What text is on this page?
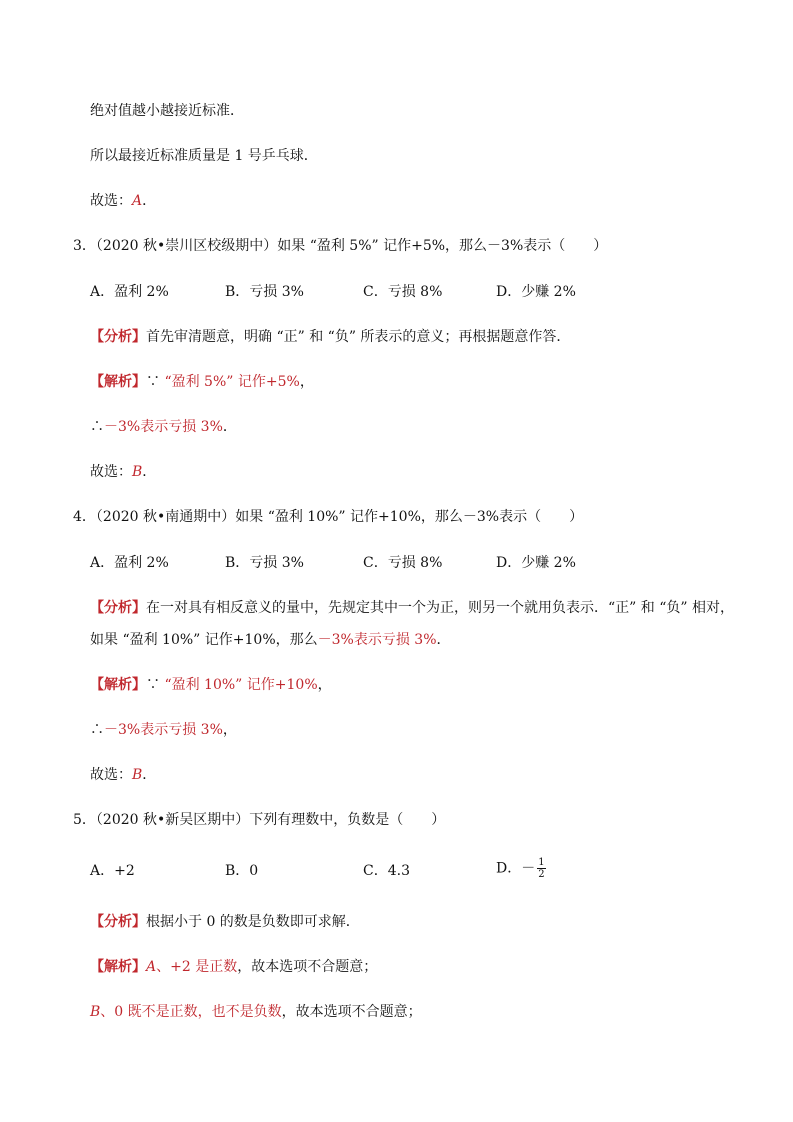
绝对值越小越接近标准．
所以最接近标准质量是 1 号乒乓球．
故选：A．
3．（2020 秋•崇川区校级期中）如果 “盈利 5%” 记作+5%，那么－3%表示（　　）
A．盈利 2%	B．亏损 3%	C．亏损 8%	D．少赚 2%
【分析】首先审清题意，明确 “正” 和 “负” 所表示的意义；再根据题意作答．
【解析】∵ “盈利 5%” 记作+5%，
∴－3%表示亏损 3%．
故选：B．
4．（2020 秋•南通期中）如果 “盈利 10%” 记作+10%，那么－3%表示（　　）
A．盈利 2%	B．亏损 3%	C．亏损 8%	D．少赚 2%
【分析】在一对具有相反意义的量中，先规定其中一个为正，则另一个就用负表示．“正” 和 “负” 相对，
如果 “盈利 10%” 记作+10%，那么－3%表示亏损 3%．
【解析】∵ “盈利 10%” 记作+10%，
∴－3%表示亏损 3%，
故选：B．
5．（2020 秋•新吴区期中）下列有理数中，负数是（　　）
A．+2	B．0	C．4.3	D．－ $\frac{1}{2}$
【分析】根据小于 0 的数是负数即可求解．
【解析】A、+2 是正数，故本选项不合题意；
B、0 既不是正数，也不是负数，故本选项不合题意；
